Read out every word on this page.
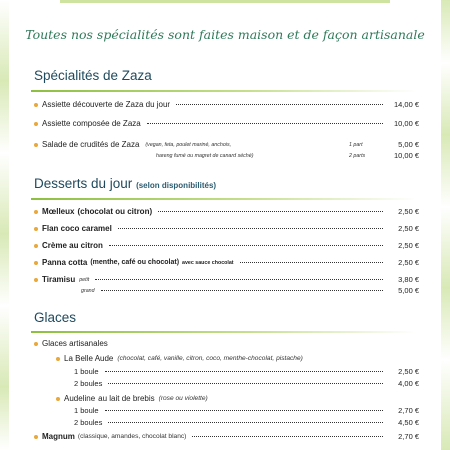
Toutes nos spécialités sont faites maison et de façon artisanale
Spécialités de Zaza
Assiette découverte de Zaza du jour	14,00 €
Assiette composée de Zaza	10,00 €
Salade de crudités de Zaza (vegan, feta, poulet mariné, anchois,	1 part	5,00 €
hareng fumé ou magret de canard séché)	2 parts	10,00 €
Desserts du jour (selon disponibilités)
Mœlleux (chocolat ou citron)	2,50 €
Flan coco caramel	2,50 €
Crème au citron	2,50 €
Panna cotta (menthe, café ou chocolat) avec sauce chocolat	2,50 €
Tiramisu petit	3,80 €
grand	5,00 €
Glaces
Glaces artisanales
La Belle Aude (chocolat, café, vanille, citron, coco, menthe-chocolat, pistache)
1 boule	2,50 €
2 boules	4,00 €
Audeline au lait de brebis (rose ou violette)
1 boule	2,70 €
2 boules	4,50 €
Magnum (classique, amandes, chocolat blanc)	2,70 €
